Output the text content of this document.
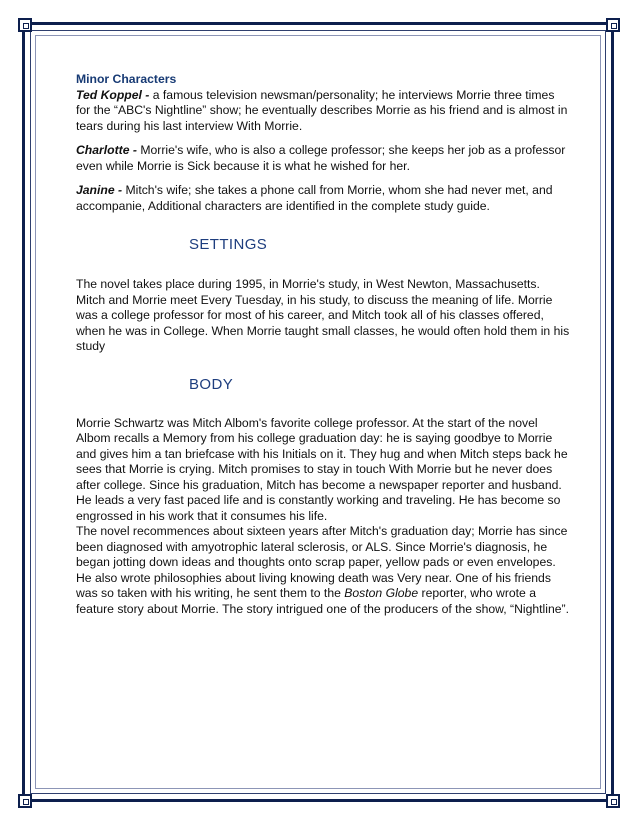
Minor Characters

Ted Koppel - a famous television newsman/personality; he interviews Morrie three times for the “ABC's Nightline” show; he eventually describes Morrie as his friend and is almost in tears during his last interview With Morrie.

Charlotte - Morrie's wife, who is also a college professor; she keeps her job as a professor even while Morrie is Sick because it is what he wished for her.

Janine - Mitch's wife; she takes a phone call from Morrie, whom she had never met, and accompanie, Additional characters are identified in the complete study guide.

SETTINGS

The novel takes place during 1995, in Morrie's study, in West Newton, Massachusetts. Mitch and Morrie meet Every Tuesday, in his study, to discuss the meaning of life. Morrie was a college professor for most of his career, and Mitch took all of his classes offered, when he was in College. When Morrie taught small classes, he would often hold them in his study

BODY

Morrie Schwartz was Mitch Albom's favorite college professor. At the start of the novel Albom recalls a Memory from his college graduation day: he is saying goodbye to Morrie and gives him a tan briefcase with his Initials on it. They hug and when Mitch steps back he sees that Morrie is crying. Mitch promises to stay in touch With Morrie but he never does after college. Since his graduation, Mitch has become a newspaper reporter and husband. He leads a very fast paced life and is constantly working and traveling. He has become so engrossed in his work that it consumes his life.

The novel recommences about sixteen years after Mitch's graduation day; Morrie has since been diagnosed with amyotrophic lateral sclerosis, or ALS. Since Morrie's diagnosis, he began jotting down ideas and thoughts onto scrap paper, yellow pads or even envelopes. He also wrote philosophies about living knowing death was Very near. One of his friends was so taken with his writing, he sent them to the Boston Globe reporter, who wrote a feature story about Morrie. The story intrigued one of the producers of the show, “Nightline”.
